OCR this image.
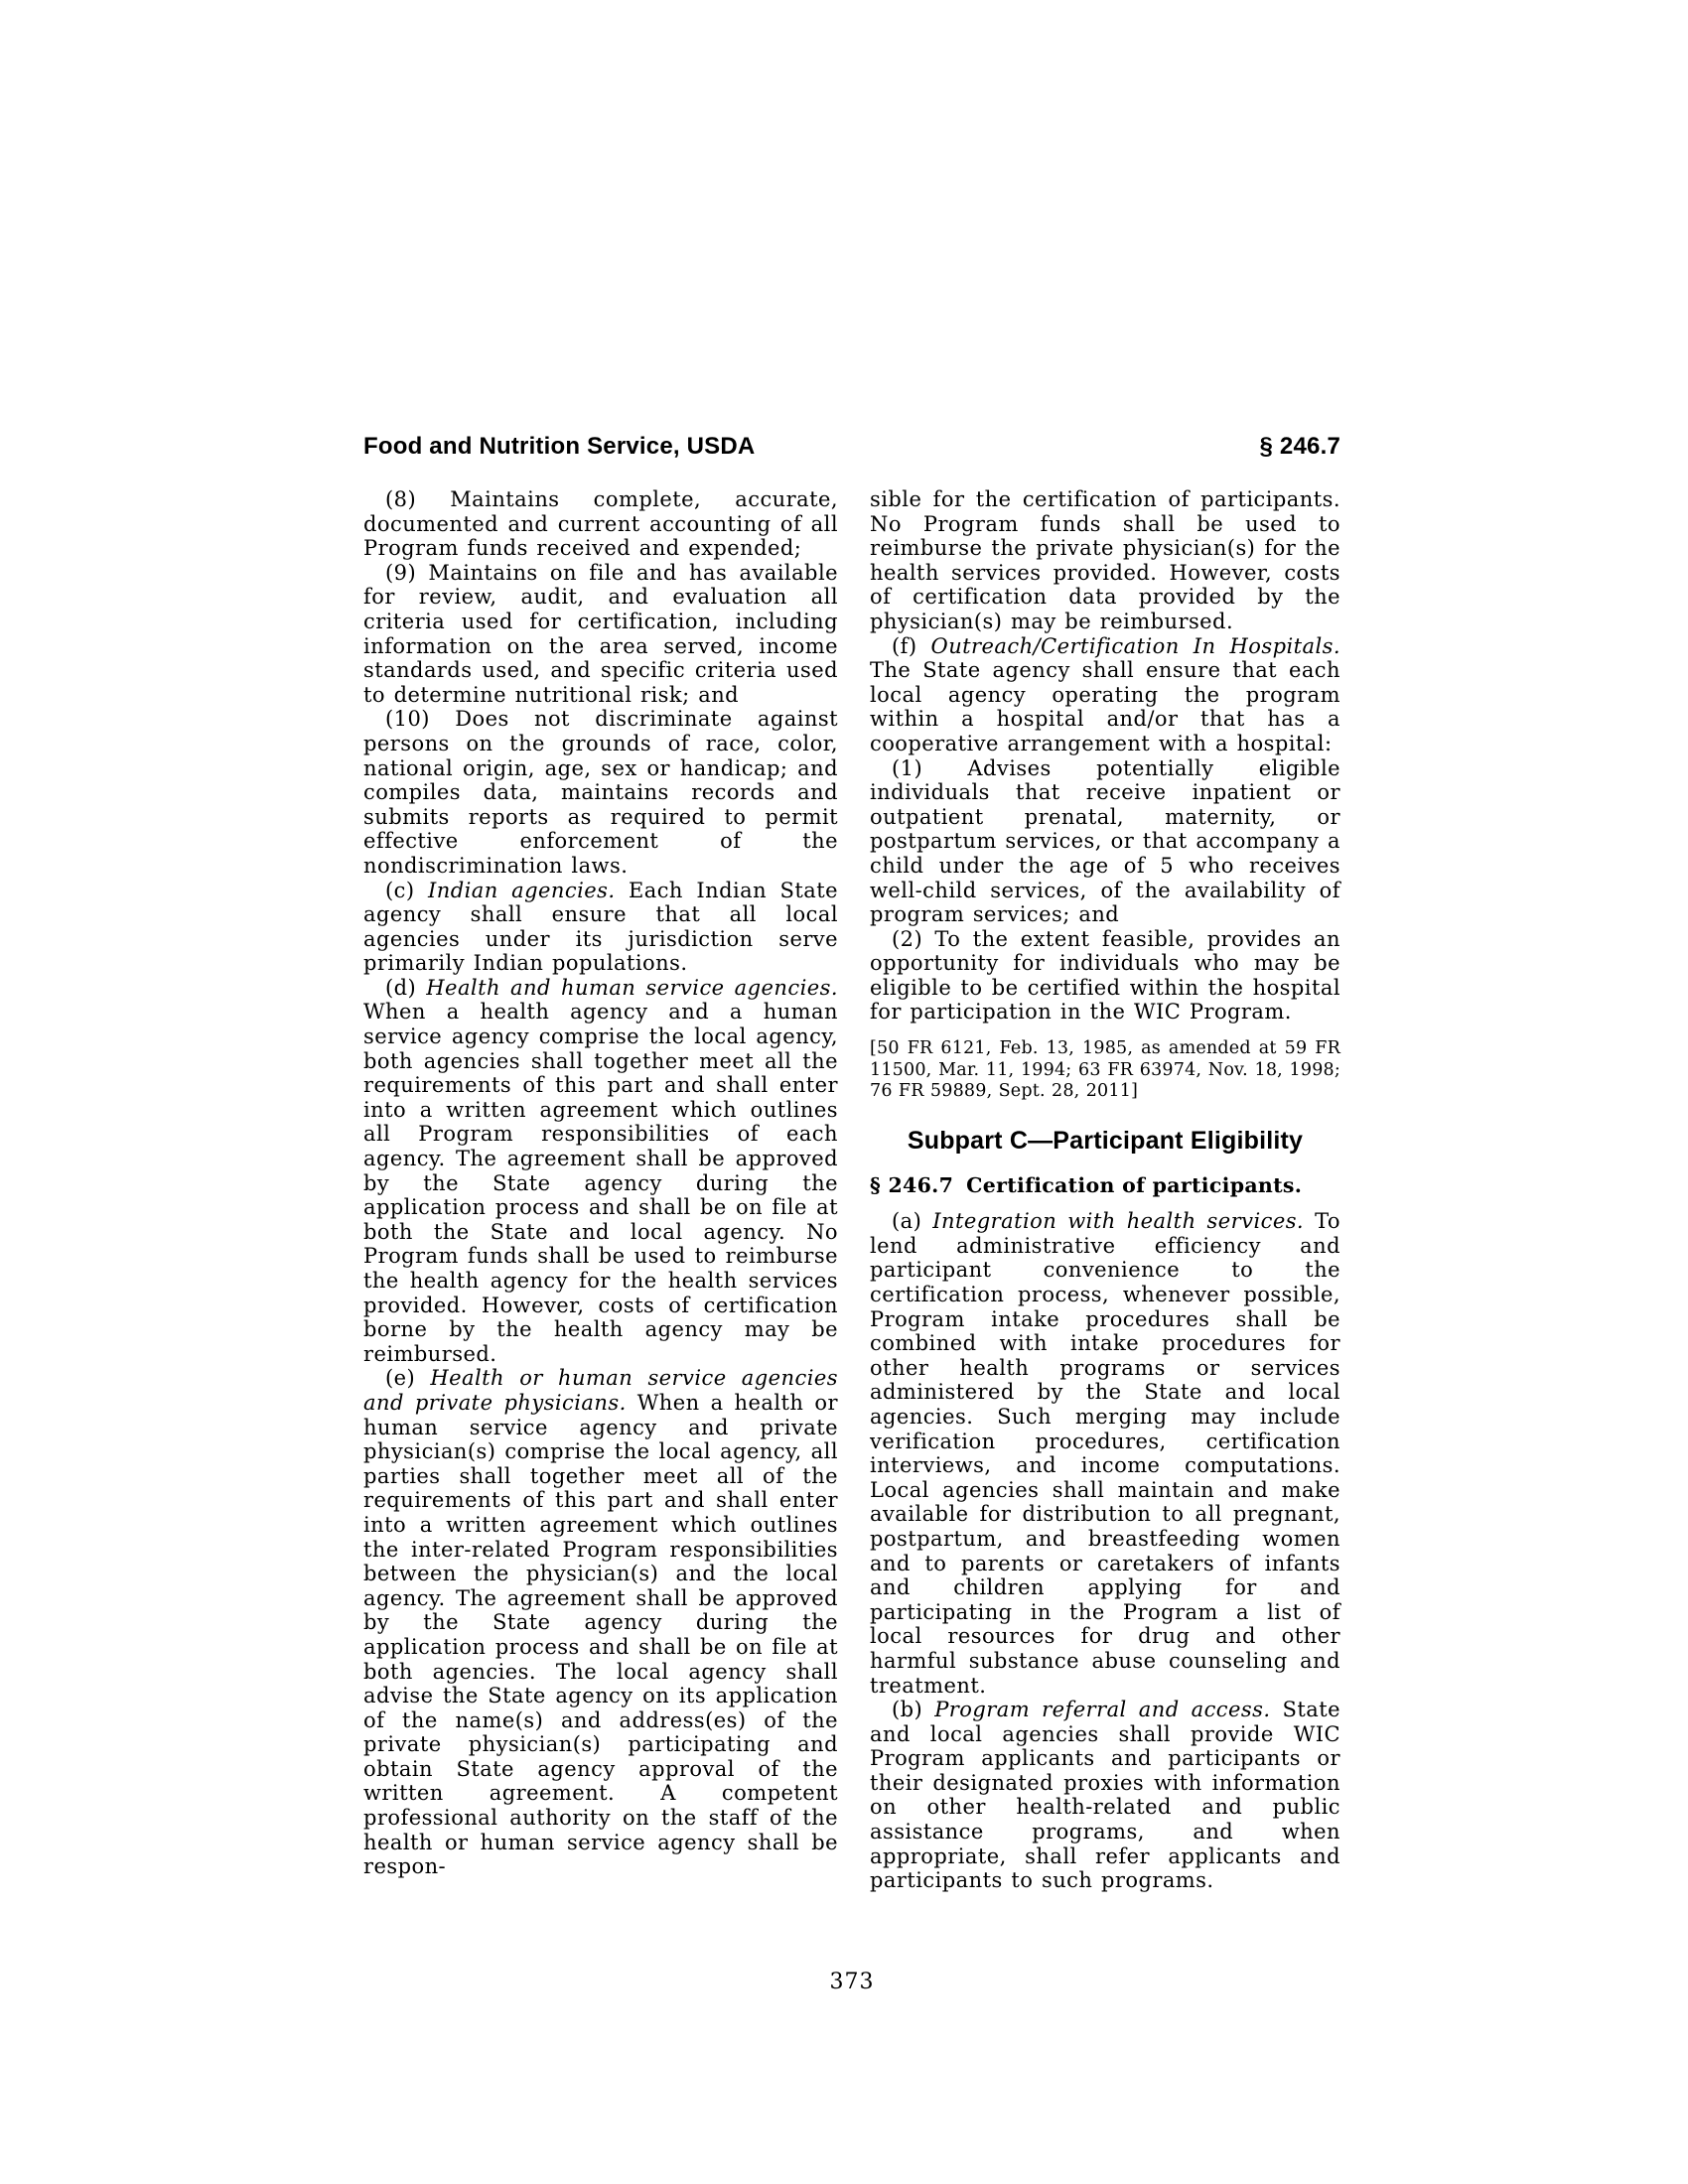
Food and Nutrition Service, USDA	§ 246.7

(8) Maintains complete, accurate, documented and current accounting of all Program funds received and expended;

(9) Maintains on file and has available for review, audit, and evaluation all criteria used for certification, including information on the area served, income standards used, and specific criteria used to determine nutritional risk; and

(10) Does not discriminate against persons on the grounds of race, color, national origin, age, sex or handicap; and compiles data, maintains records and submits reports as required to permit effective enforcement of the nondiscrimination laws.

(c) Indian agencies. Each Indian State agency shall ensure that all local agencies under its jurisdiction serve primarily Indian populations.

(d) Health and human service agencies. When a health agency and a human service agency comprise the local agency, both agencies shall together meet all the requirements of this part and shall enter into a written agreement which outlines all Program responsibilities of each agency. The agreement shall be approved by the State agency during the application process and shall be on file at both the State and local agency. No Program funds shall be used to reimburse the health agency for the health services provided. However, costs of certification borne by the health agency may be reimbursed.

(e) Health or human service agencies and private physicians. When a health or human service agency and private physician(s) comprise the local agency, all parties shall together meet all of the requirements of this part and shall enter into a written agreement which outlines the inter-related Program responsibilities between the physician(s) and the local agency. The agreement shall be approved by the State agency during the application process and shall be on file at both agencies. The local agency shall advise the State agency on its application of the name(s) and address(es) of the private physician(s) participating and obtain State agency approval of the written agreement. A competent professional authority on the staff of the health or human service agency shall be respon-

sible for the certification of participants. No Program funds shall be used to reimburse the private physician(s) for the health services provided. However, costs of certification data provided by the physician(s) may be reimbursed.

(f) Outreach/Certification In Hospitals. The State agency shall ensure that each local agency operating the program within a hospital and/or that has a cooperative arrangement with a hospital:

(1) Advises potentially eligible individuals that receive inpatient or outpatient prenatal, maternity, or postpartum services, or that accompany a child under the age of 5 who receives well-child services, of the availability of program services; and

(2) To the extent feasible, provides an opportunity for individuals who may be eligible to be certified within the hospital for participation in the WIC Program.

[50 FR 6121, Feb. 13, 1985, as amended at 59 FR 11500, Mar. 11, 1994; 63 FR 63974, Nov. 18, 1998; 76 FR 59889, Sept. 28, 2011]

Subpart C—Participant Eligibility
§ 246.7 Certification of participants.

(a) Integration with health services. To lend administrative efficiency and participant convenience to the certification process, whenever possible, Program intake procedures shall be combined with intake procedures for other health programs or services administered by the State and local agencies. Such merging may include verification procedures, certification interviews, and income computations. Local agencies shall maintain and make available for distribution to all pregnant, postpartum, and breastfeeding women and to parents or caretakers of infants and children applying for and participating in the Program a list of local resources for drug and other harmful substance abuse counseling and treatment.

(b) Program referral and access. State and local agencies shall provide WIC Program applicants and participants or their designated proxies with information on other health-related and public assistance programs, and when appropriate, shall refer applicants and participants to such programs.

373
